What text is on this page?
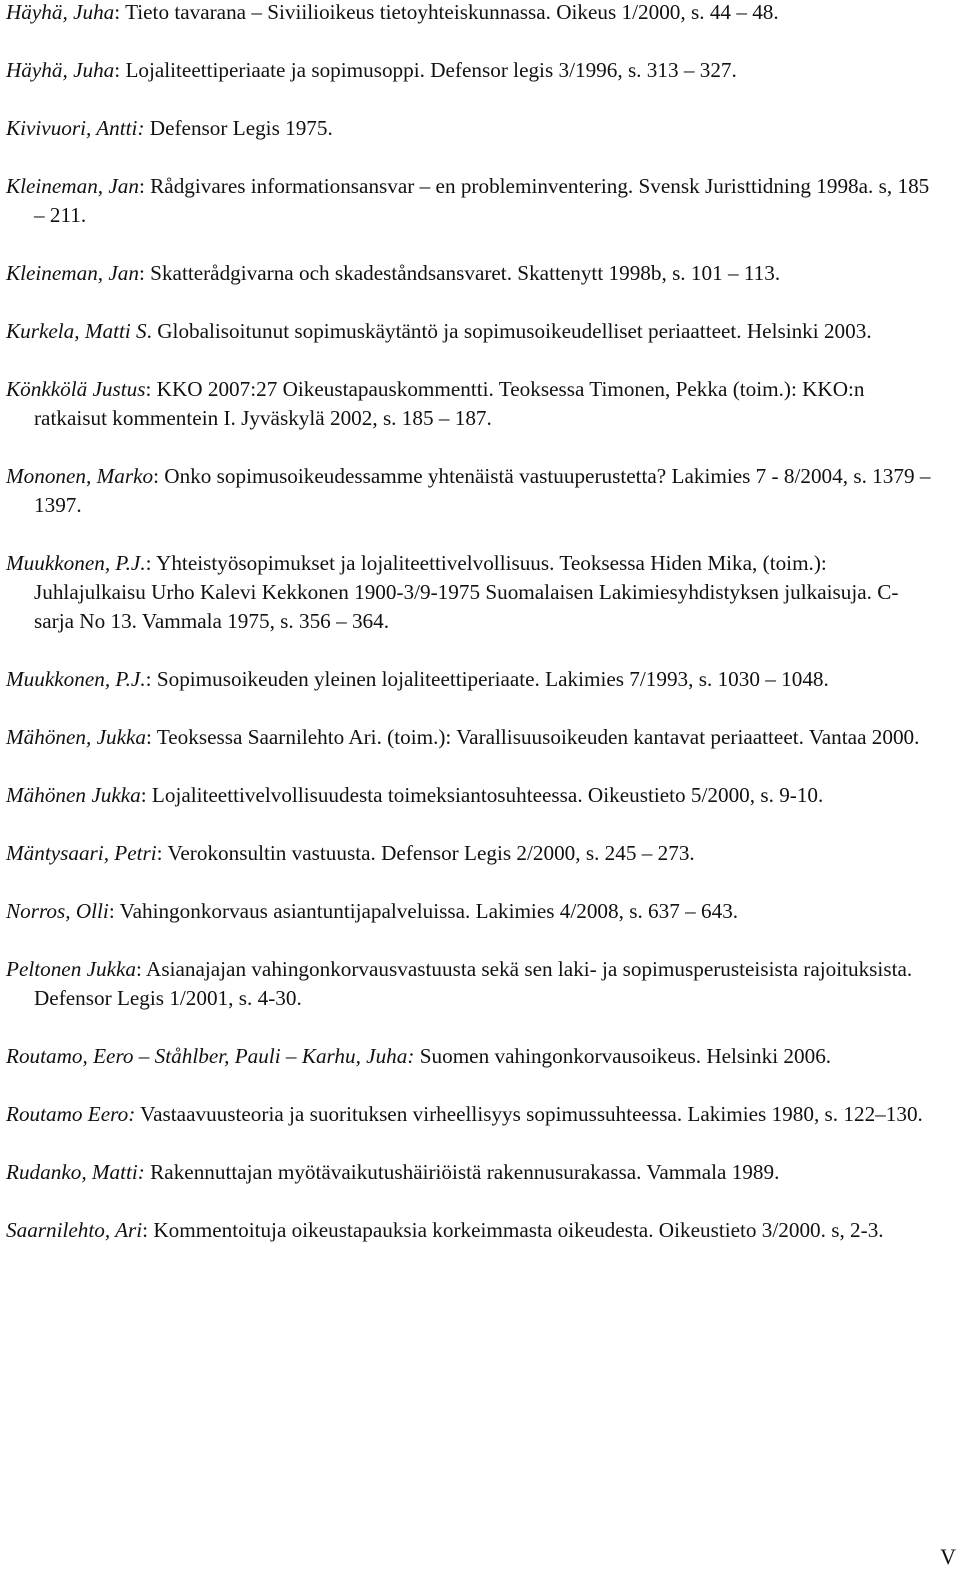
Häyhä, Juha: Tieto tavarana – Siviilioikeus tietoyhteiskunnassa. Oikeus 1/2000, s. 44 – 48.
Häyhä, Juha: Lojaliteettiperiaate ja sopimusoppi. Defensor legis 3/1996, s. 313 – 327.
Kivivuori, Antti: Defensor Legis 1975.
Kleineman, Jan: Rådgivares informationsansvar – en probleminventering. Svensk Juristtidning 1998a. s, 185 – 211.
Kleineman, Jan: Skatterådgivarna och skadeståndsansvaret. Skattenytt 1998b, s. 101 – 113.
Kurkela, Matti S. Globalisoitunut sopimuskäytäntö ja sopimusoikeudelliset periaatteet. Helsinki 2003.
Könkkölä Justus: KKO 2007:27 Oikeustapauskommentti. Teoksessa Timonen, Pekka (toim.): KKO:n ratkaisut kommentein I. Jyväskylä 2002, s. 185 – 187.
Mononen, Marko: Onko sopimusoikeudessamme yhtenäistä vastuuperustetta? Lakimies 7 - 8/2004, s. 1379 – 1397.
Muukkonen, P.J.: Yhteistyösopimukset ja lojaliteettivelvollisuus. Teoksessa Hiden Mika, (toim.): Juhlajulkaisu Urho Kalevi Kekkonen 1900-3/9-1975 Suomalaisen Lakimiesyhdistyksen julkaisuja. C-sarja No 13. Vammala 1975, s. 356 – 364.
Muukkonen, P.J.: Sopimusoikeuden yleinen lojaliteettiperiaate. Lakimies 7/1993, s. 1030 – 1048.
Mähönen, Jukka: Teoksessa Saarnilehto Ari. (toim.): Varallisuusoikeuden kantavat periaatteet. Vantaa 2000.
Mähönen Jukka: Lojaliteettivelvollisuudesta toimeksiantosuhteessa. Oikeustieto 5/2000, s. 9-10.
Mäntysaari, Petri: Verokonsultin vastuusta. Defensor Legis 2/2000, s. 245 – 273.
Norros, Olli: Vahingonkorvaus asiantuntijapalveluissa. Lakimies 4/2008, s. 637 – 643.
Peltonen Jukka: Asianajajan vahingonkorvausvastuusta sekä sen laki- ja sopimusperusteisista rajoituksista. Defensor Legis 1/2001, s. 4-30.
Routamo, Eero – Ståhlber, Pauli – Karhu, Juha: Suomen vahingonkorvausoikeus. Helsinki 2006.
Routamo Eero: Vastaavuusteoria ja suorituksen virheellisyys sopimussuhteessa. Lakimies 1980, s. 122–130.
Rudanko, Matti: Rakennuttajan myötävaikutushäiriöistä rakennusurakassa. Vammala 1989.
Saarnilehto, Ari: Kommentoituja oikeustapauksia korkeimmasta oikeudesta. Oikeustieto 3/2000. s, 2-3.
V
